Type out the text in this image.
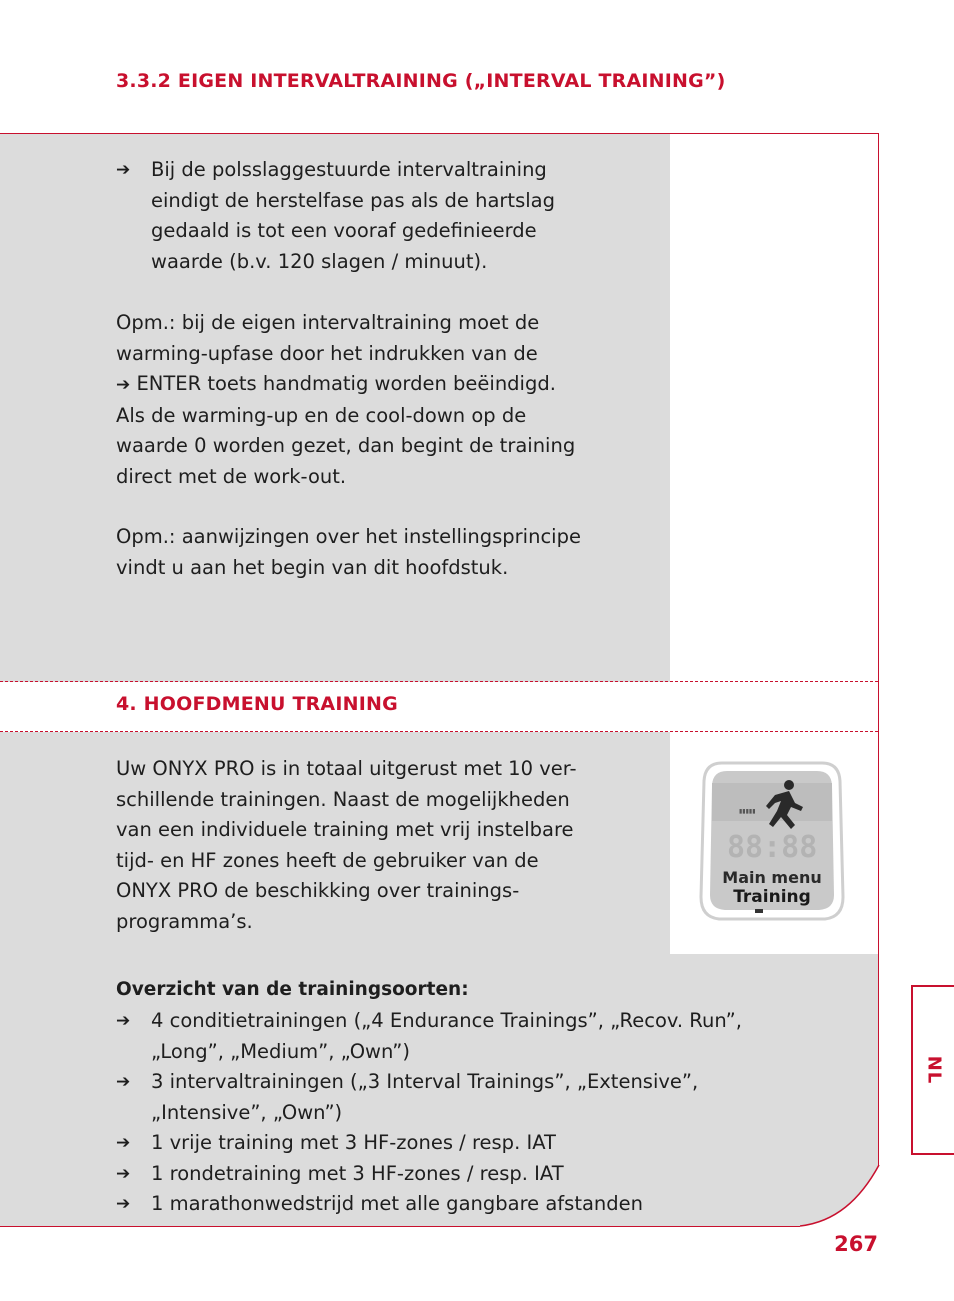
3.3.2 EIGEN INTERVALTRAINING („INTERVAL TRAINING”)
➔ Bij de polsslaggestuurde intervaltraining
eindigt de herstelfase pas als de hartslag
gedaald is tot een vooraf gedefinieerde
waarde (b.v. 120 slagen / minuut).
Opm.: bij de eigen intervaltraining moet de
warming-upfase door het indrukken van de
➔ ENTER toets handmatig worden beëindigd.
Als de warming-up en de cool-down op de
waarde 0 worden gezet, dan begint de training
direct met de work-out.
Opm.: aanwijzingen over het instellingsprincipe
vindt u aan het begin van dit hoofdstuk.
4. HOOFDMENU TRAINING
Uw ONYX PRO is in totaal uitgerust met 10 ver-
schillende trainingen. Naast de mogelijkheden
van een individuele training met vrij instelbare
tijd- en HF zones heeft de gebruiker van de
ONYX PRO de beschikking over trainings-
programma’s.
▮▮▮▮▮
88:88
Main menu
Training
Overzicht van de trainingsoorten:
➔ 4 conditietrainingen („4 Endurance Trainings”, „Recov. Run”,
„Long”, „Medium”, „Own”)
➔ 3 intervaltrainingen („3 Interval Trainings”, „Extensive”,
„Intensive”, „Own”)
➔ 1 vrije training met 3 HF-zones / resp. IAT
➔ 1 rondetraining met 3 HF-zones / resp. IAT
➔ 1 marathonwedstrijd met alle gangbare afstanden
NL
267
